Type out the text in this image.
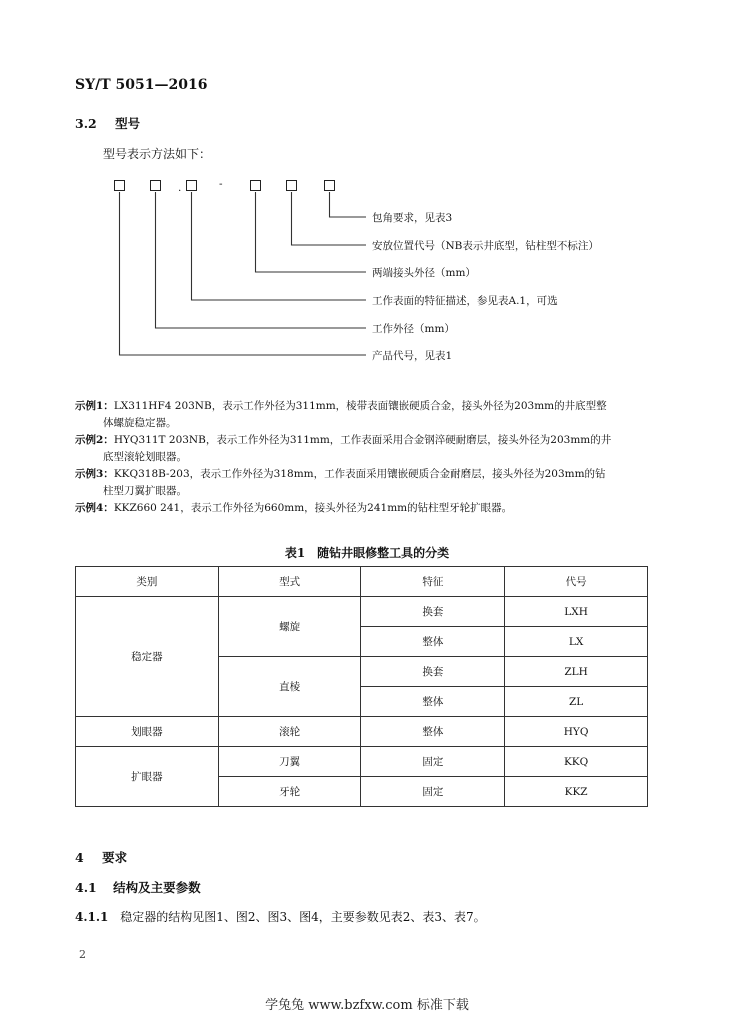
SY/T 5051—2016
3.2 型号
型号表示方法如下：
.	-
包角要求，见表3
安放位置代号（NB表示井底型，钻柱型不标注）
两端接头外径（mm）
工作表面的特征描述，参见表A.1，可选
工作外径（mm）
产品代号，见表1
示例1：LX311HF4 203NB，表示工作外径为311mm，棱带表面镶嵌硬质合金，接头外径为203mm的井底型整
体螺旋稳定器。
示例2：HYQ311T 203NB，表示工作外径为311mm，工作表面采用合金钢淬硬耐磨层，接头外径为203mm的井
底型滚轮划眼器。
示例3：KKQ318B-203，表示工作外径为318mm，工作表面采用镶嵌硬质合金耐磨层，接头外径为203mm的钻
柱型刀翼扩眼器。
示例4：KKZ660 241，表示工作外径为660mm，接头外径为241mm的钻柱型牙轮扩眼器。
表1　随钻井眼修整工具的分类
类别	型式	特征	代号
稳定器	螺旋	换套	LXH
		整体	LX
	直棱	换套	ZLH
		整体	ZL
划眼器	滚轮	整体	HYQ
扩眼器	刀翼	固定	KKQ
	牙轮	固定	KKZ
4 要求
4.1 结构及主要参数
4.1.1 稳定器的结构见图1、图2、图3、图4，主要参数见表2、表3、表7。
2
学兔兔 www.bzfxw.com 标准下载
